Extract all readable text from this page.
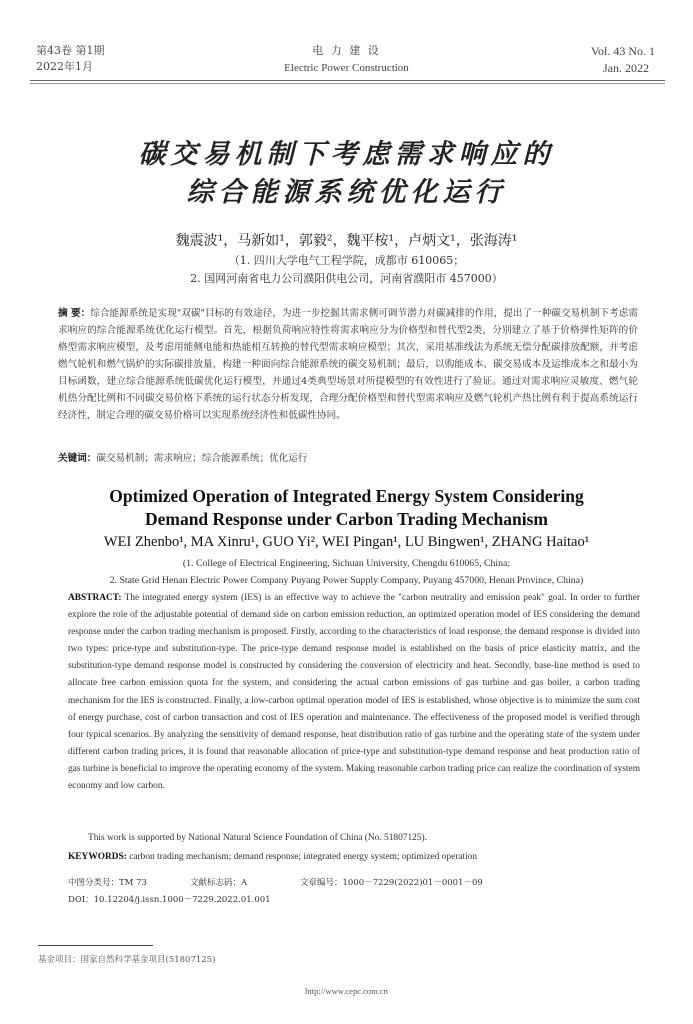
第43卷 第1期
2022年1月
电 力 建 设
Electric Power Construction
Vol. 43 No. 1
Jan. 2022
碳交易机制下考虑需求响应的
综合能源系统优化运行
魏震波¹，马新如¹，郭毅²，魏平桉¹，卢炳文¹，张海涛¹
（1. 四川大学电气工程学院，成都市 610065；
2. 国网河南省电力公司濮阳供电公司，河南省濮阳市 457000）
摘 要：综合能源系统是实现"双碳"目标的有效途径，为进一步挖掘其需求侧可调节潜力对碳减排的作用，提出了一种碳交易机制下考虑需求响应的综合能源系统优化运行模型。首先，根据负荷响应特性将需求响应分为价格型和替代型2类，分别建立了基于价格弹性矩阵的价格型需求响应模型，及考虑用能侧电能和热能相互转换的替代型需求响应模型；其次，采用基准线法为系统无偿分配碳排放配额，并考虑燃气轮机和燃气锅炉的实际碳排放量，构建一种面向综合能源系统的碳交易机制；最后，以购能成本、碳交易成本及运维成本之和最小为目标函数，建立综合能源系统低碳优化运行模型，并通过4类典型场景对所提模型的有效性进行了验证。通过对需求响应灵敏度、燃气轮机热分配比例和不同碳交易价格下系统的运行状态分析发现，合理分配价格型和替代型需求响应及燃气轮机产热比例有利于提高系统运行经济性，制定合理的碳交易价格可以实现系统经济性和低碳性协同。
关键词：碳交易机制；需求响应；综合能源系统；优化运行
Optimized Operation of Integrated Energy System Considering
Demand Response under Carbon Trading Mechanism
WEI Zhenbo¹, MA Xinru¹, GUO Yi², WEI Pingan¹, LU Bingwen¹, ZHANG Haitao¹
(1. College of Electrical Engineering, Sichuan University, Chengdu 610065, China;
2. State Grid Henan Electric Power Company Puyang Power Supply Company, Puyang 457000, Henan Province, China)
ABSTRACT: The integrated energy system (IES) is an effective way to achieve the "carbon neutrality and emission peak" goal. In order to further explore the role of the adjustable potential of demand side on carbon emission reduction, an optimized operation model of IES considering the demand response under the carbon trading mechanism is proposed. Firstly, according to the characteristics of load response, the demand response is divided into two types: price-type and substitution-type. The price-type demand response model is established on the basis of price elasticity matrix, and the substitution-type demand response model is constructed by considering the conversion of electricity and heat. Secondly, base-line method is used to allocate free carbon emission quota for the system, and considering the actual carbon emissions of gas turbine and gas boiler, a carbon trading mechanism for the IES is constructed. Finally, a low-carbon optimal operation model of IES is established, whose objective is to minimize the sum cost of energy purchase, cost of carbon transaction and cost of IES operation and maintenance. The effectiveness of the proposed model is verified through four typical scenarios. By analyzing the sensitivity of demand response, heat distribution ratio of gas turbine and the operating state of the system under different carbon trading prices, it is found that reasonable allocation of price-type and substitution-type demand response and heat production ratio of gas turbine is beneficial to improve the operating economy of the system. Making reasonable carbon trading price can realize the coordination of system economy and low carbon.
This work is supported by National Natural Science Foundation of China (No. 51807125).
KEYWORDS: carbon trading mechanism; demand response; integrated energy system; optimized operation
中图分类号：TM 73	文献标志码：A	文章编号：1000－7229(2022)01－0001－09
DOI：10.12204/j.issn.1000－7229.2022.01.001
基金项目：国家自然科学基金项目(51807125)
http://www.cepc.com.cn
